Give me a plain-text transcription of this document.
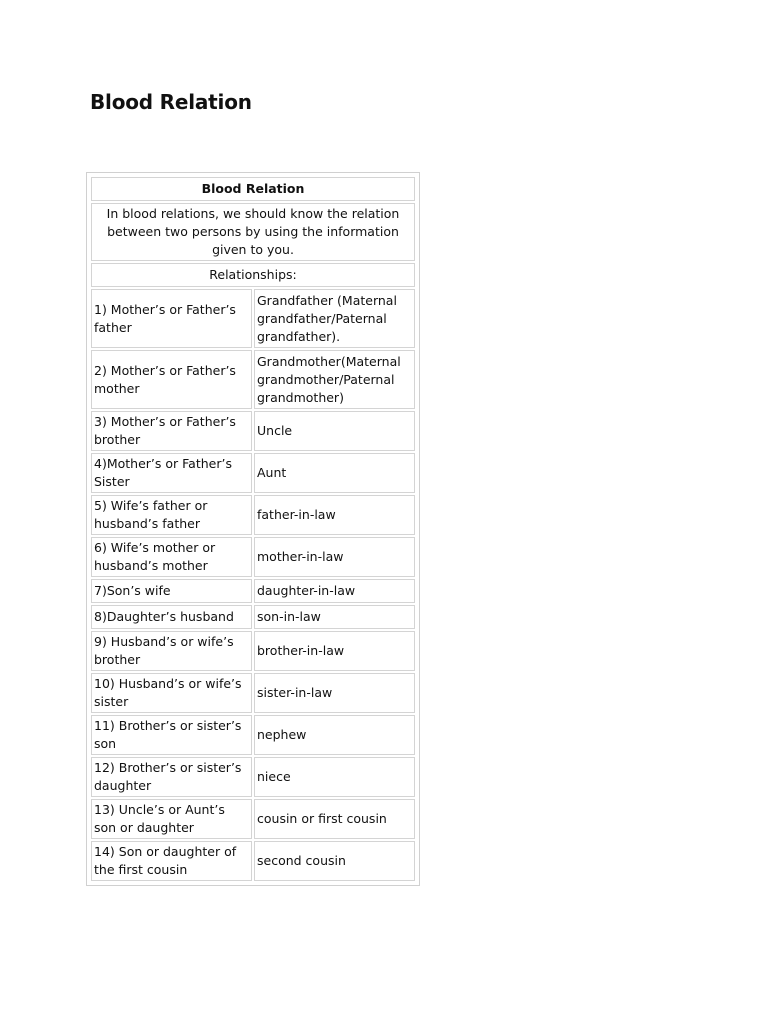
Blood Relation
Blood Relation	
In blood relations, we should know the relation between two persons by using the information given to you.	
Relationships:	
1) Mother’s or Father’s father	Grandfather (Maternal grandfather/Paternal grandfather).
2) Mother’s or Father’s mother	Grandmother(Maternal grandmother/Paternal grandmother)
3) Mother’s or Father’s brother	Uncle
4)Mother’s or Father’s Sister	Aunt
5) Wife’s father or husband’s father	father-in-law
6) Wife’s mother or husband’s mother	mother-in-law
7)Son’s wife	daughter-in-law
8)Daughter’s husband	son-in-law
9) Husband’s or wife’s brother	brother-in-law
10) Husband’s or wife’s sister	sister-in-law
11) Brother’s or sister’s son	nephew
12) Brother’s or sister’s daughter	niece
13) Uncle’s or Aunt’s son or daughter	cousin or first cousin
14) Son or daughter of the first cousin	second cousin
